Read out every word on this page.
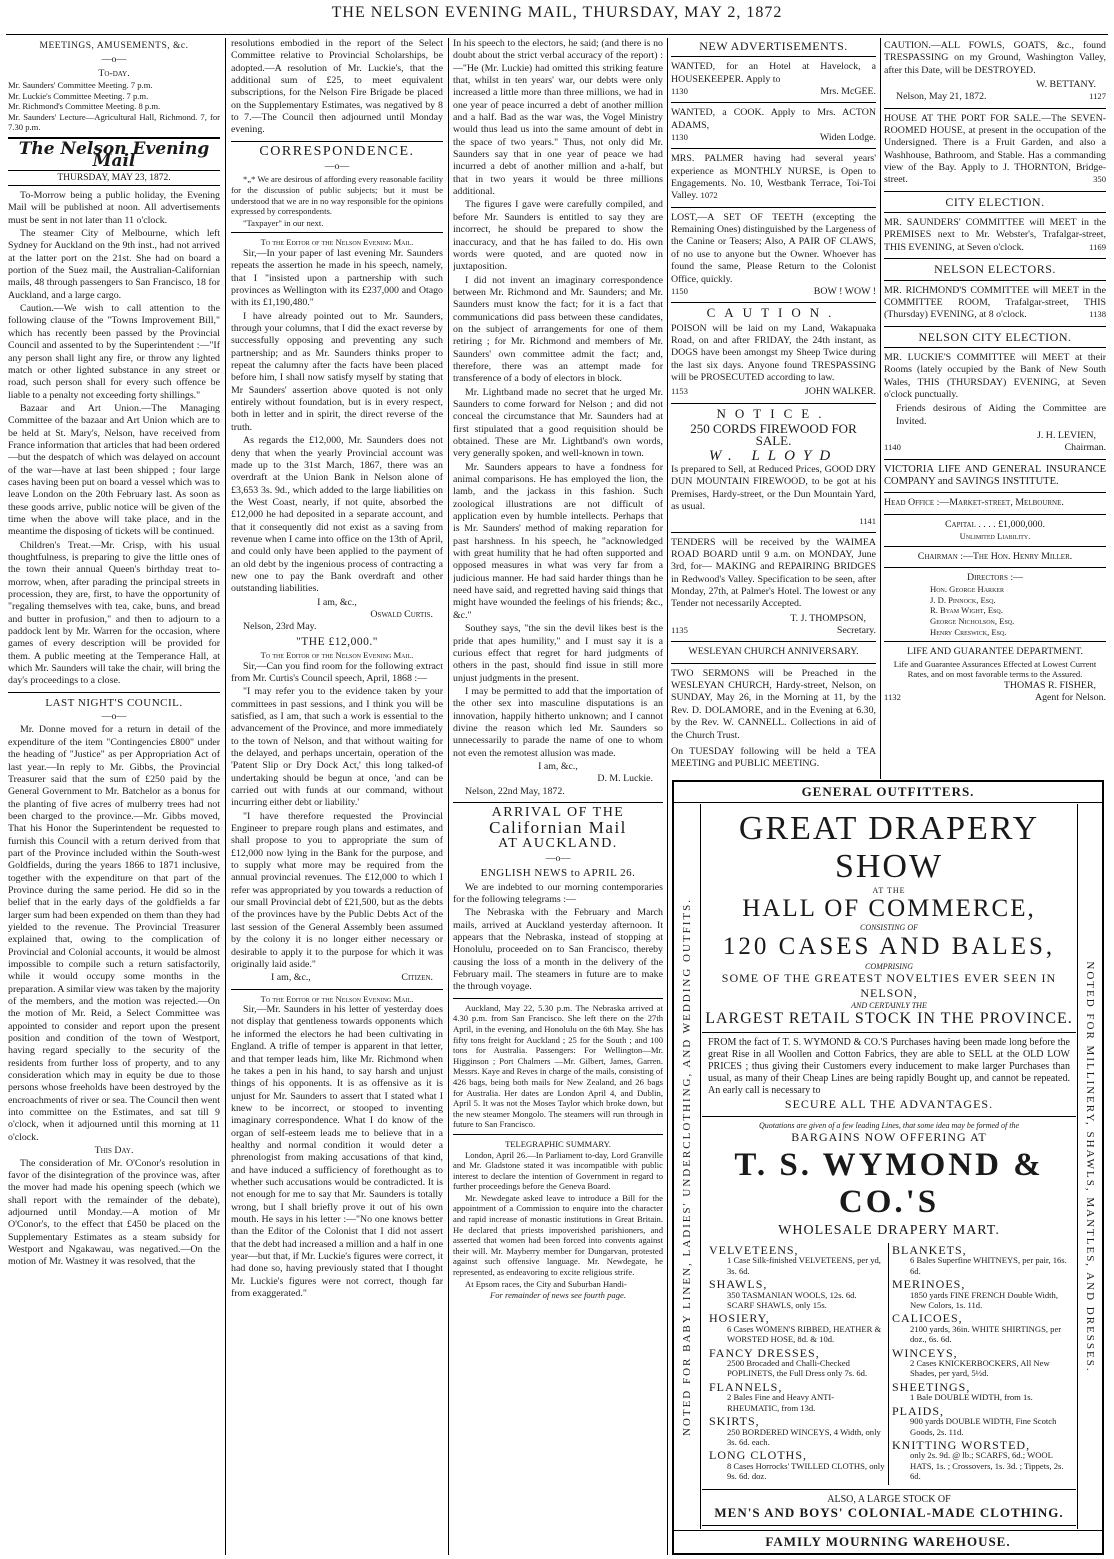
THE NELSON EVENING MAIL, THURSDAY, MAY 2, 1872
MEETINGS, AMUSEMENTS, &c.
—o—
To-day.
Mr. Saunders' Committee Meeting. 7 p.m.
Mr. Luckie's Committee Meeting. 7 p.m.
Mr. Richmond's Committee Meeting. 8 p.m.
Mr. Saunders' Lecture—Agricultural Hall, Richmond. 7, for 7.30 p.m.
The Nelson Evening Mail
THURSDAY, MAY 23, 1872.

To-Morrow being a public holiday, the Evening Mail will be published at noon. All advertisements must be sent in not later than 11 o'clock.

The steamer City of Melbourne, which left Sydney for Auckland on the 9th inst., had not arrived at the latter port on the 21st. She had on board a portion of the Suez mail, the Australian-Californian mails, 48 through passengers to San Francisco, 18 for Auckland, and a large cargo.

Caution.—We wish to call attention to the following clause of the "Towns Improvement Bill," which has recently been passed by the Provincial Council and assented to by the Superintendent :—"If any person shall light any fire, or throw any lighted match or other lighted substance in any street or road, such person shall for every such offence be liable to a penalty not exceeding forty shillings."

Bazaar and Art Union.—The Managing Committee of the bazaar and Art Union which are to be held at St. Mary's, Nelson, have received from France information that articles that had been ordered—but the despatch of which was delayed on account of the war—have at last been shipped ; four large cases having been put on board a vessel which was to leave London on the 20th February last. As soon as these goods arrive, public notice will be given of the time when the above will take place, and in the meantime the disposing of tickets will be continued.

Children's Treat.—Mr. Crisp, with his usual thoughtfulness, is preparing to give the little ones of the town their annual Queen's birthday treat to-morrow, when, after parading the principal streets in procession, they are, first, to have the opportunity of "regaling themselves with tea, cake, buns, and bread and butter in profusion," and then to adjourn to a paddock lent by Mr. Warren for the occasion, where games of every description will be provided for them. A public meeting at the Temperance Hall, at which Mr. Saunders will take the chair, will bring the day's proceedings to a close.

LAST NIGHT'S COUNCIL.
—o—

Mr. Donne moved for a return in detail of the expenditure of the item "Contingencies £800" under the heading of "Justice" as per Appropriation Act of last year.—In reply to Mr. Gibbs, the Provincial Treasurer said that the sum of £250 paid by the General Government to Mr. Batchelor as a bonus for the planting of five acres of mulberry trees had not been charged to the province.—Mr. Gibbs moved, That his Honor the Superintendent be requested to furnish this Council with a return derived from that part of the Province included within the South-west Goldfields, during the years 1866 to 1871 inclusive, together with the expenditure on that part of the Province during the same period. He did so in the belief that in the early days of the goldfields a far larger sum had been expended on them than they had yielded to the revenue. The Provincial Treasurer explained that, owing to the complication of Provincial and Colonial accounts, it would be almost impossible to compile such a return satisfactorily, while it would occupy some months in the preparation. A similar view was taken by the majority of the members, and the motion was rejected.—On the motion of Mr. Reid, a Select Committee was appointed to consider and report upon the present position and condition of the town of Westport, having regard specially to the security of the residents from further loss of property, and to any consideration which may in equity be due to those persons whose freeholds have been destroyed by the encroachments of river or sea. The Council then went into committee on the Estimates, and sat till 9 o'clock, when it adjourned until this morning at 11 o'clock.

This Day.

The consideration of Mr. O'Conor's resolution in favor of the disintegration of the province was, after the mover had made his opening speech (which we shall report with the remainder of the debate), adjourned until Monday.—A motion of Mr O'Conor's, to the effect that £450 be placed on the Supplementary Estimates as a steam subsidy for Westport and Ngakawau, was negatived.—On the motion of Mr. Wastney it was resolved, that the

resolutions embodied in the report of the Select Committee relative to Provincial Scholarships, be adopted.—A resolution of Mr. Luckie's, that the additional sum of £25, to meet equivalent subscriptions, for the Nelson Fire Brigade be placed on the Supplementary Estimates, was negatived by 8 to 7.—The Council then adjourned until Monday evening.

CORRESPONDENCE.
—o—

*„* We are desirous of affording every reasonable facility for the discussion of public subjects; but it must be understood that we are in no way responsible for the opinions expressed by correspondents.

"Taxpayer" in our next.

To the Editor of the Nelson Evening Mail.

Sir,—In your paper of last evening Mr. Saunders repeats the assertion he made in his speech, namely, that I "insisted upon a partnership with such provinces as Wellington with its £237,000 and Otago with its £1,190,480."

I have already pointed out to Mr. Saunders, through your columns, that I did the exact reverse by successfully opposing and preventing any such partnership; and as Mr. Saunders thinks proper to repeat the calumny after the facts have been placed before him, I shall now satisfy myself by stating that Mr Saunders' assertion above quoted is not only entirely without foundation, but is in every respect, both in letter and in spirit, the direct reverse of the truth.

As regards the £12,000, Mr. Saunders does not deny that when the yearly Provincial account was made up to the 31st March, 1867, there was an overdraft at the Union Bank in Nelson alone of £3,653 3s. 9d., which added to the large liabilities on the West Coast, nearly, if not quite, absorbed the £12,000 he had deposited in a separate account, and that it consequently did not exist as a saving from revenue when I came into office on the 13th of April, and could only have been applied to the payment of an old debt by the ingenious process of contracting a new one to pay the Bank overdraft and other outstanding liabilities.

I am, &c.,
Oswald Curtis.
Nelson, 23rd May.
"THE £12,000."
To the Editor of the Nelson Evening Mail.

Sir,—Can you find room for the following extract from Mr. Curtis's Council speech, April, 1868 :—

"I may refer you to the evidence taken by your committees in past sessions, and I think you will be satisfied, as I am, that such a work is essential to the advancement of the Province, and more immediately to the town of Nelson, and that without waiting for the delayed, and perhaps uncertain, operation of the 'Patent Slip or Dry Dock Act,' this long talked-of undertaking should be begun at once, 'and can be carried out with funds at our command, without incurring either debt or liability.'

"I have therefore requested the Provincial Engineer to prepare rough plans and estimates, and shall propose to you to appropriate the sum of £12,000 now lying in the Bank for the purpose, and to supply what more may be required from the annual provincial revenues. The £12,000 to which I refer was appropriated by you towards a reduction of our small Provincial debt of £21,500, but as the debts of the provinces have by the Public Debts Act of the last session of the General Assembly been assumed by the colony it is no longer either necessary or desirable to apply it to the purpose for which it was originally laid aside."

I am, &c.,	Citizen.
To the Editor of the Nelson Evening Mail.

Sir,—Mr. Saunders in his letter of yesterday does not display that gentleness towards opponents which he informed the electors he had been cultivating in England. A trifle of temper is apparent in that letter, and that temper leads him, like Mr. Richmond when he takes a pen in his hand, to say harsh and unjust things of his opponents. It is as offensive as it is unjust for Mr. Saunders to assert that I stated what I knew to be incorrect, or stooped to inventing imaginary correspondence. What I do know of the organ of self-esteem leads me to believe that in a healthy and normal condition it would deter a phrenologist from making accusations of that kind, and have induced a sufficiency of forethought as to whether such accusations would be contradicted. It is not enough for me to say that Mr. Saunders is totally wrong, but I shall briefly prove it out of his own mouth. He says in his letter :—"No one knows better than the Editor of the Colonist that I did not assert that the debt had increased a million and a half in one year—but that, if Mr. Luckie's figures were correct, it had done so, having previously stated that I thought Mr. Luckie's figures were not correct, though far from exaggerated."

In his speech to the electors, he said; (and there is no doubt about the strict verbal accuracy of the report) :—"He (Mr. Luckie) had omitted this striking feature that, whilst in ten years' war, our debts were only increased a little more than three millions, we had in one year of peace incurred a debt of another million and a half. Bad as the war was, the Vogel Ministry would thus lead us into the same amount of debt in the space of two years." Thus, not only did Mr. Saunders say that in one year of peace we had incurred a debt of another million and a-half, but that in two years it would be three millions additional.

The figures I gave were carefully compiled, and before Mr. Saunders is entitled to say they are incorrect, he should be prepared to show the inaccuracy, and that he has failed to do. His own words were quoted, and are quoted now in juxtaposition.

I did not invent an imaginary correspondence between Mr. Richmond and Mr. Saunders; and Mr. Saunders must know the fact; for it is a fact that communications did pass between these candidates, on the subject of arrangements for one of them retiring ; for Mr. Richmond and members of Mr. Saunders' own committee admit the fact; and, therefore, there was an attempt made for transference of a body of electors in block.

Mr. Lightband made no secret that he urged Mr. Saunders to come forward for Nelson ; and did not conceal the circumstance that Mr. Saunders had at first stipulated that a good requisition should be obtained. These are Mr. Lightband's own words, very generally spoken, and well-known in town.

Mr. Saunders appears to have a fondness for animal comparisons. He has employed the lion, the lamb, and the jackass in this fashion. Such zoological illustrations are not difficult of application even by humble intellects. Perhaps that is Mr. Saunders' method of making reparation for past harshness. In his speech, he "acknowledged with great humility that he had often supported and opposed measures in what was very far from a judicious manner. He had said harder things than he need have said, and regretted having said things that might have wounded the feelings of his friends; &c., &c."

Southey says, "the sin the devil likes best is the pride that apes humility," and I must say it is a curious effect that regret for hard judgments of others in the past, should find issue in still more unjust judgments in the present.

I may be permitted to add that the importation of the other sex into masculine disputations is an innovation, happily hitherto unknown; and I cannot divine the reason which led Mr. Saunders so unnecessarily to parade the name of one to whom not even the remotest allusion was made.

I am, &c.,
D. M. Luckie.
Nelson, 22nd May, 1872.
ARRIVAL OF THE
Californian Mail
AT AUCKLAND.
—o—
ENGLISH NEWS to APRIL 26.

We are indebted to our morning contemporaries for the following telegrams :—

The Nebraska with the February and March mails, arrived at Auckland yesterday afternoon. It appears that the Nebraska, instead of stopping at Honolulu, proceeded on to San Francisco, thereby causing the loss of a month in the delivery of the February mail. The steamers in future are to make the through voyage.

Auckland, May 22, 5.30 p.m. The Nebraska arrived at 4.30 p.m. from San Francisco. She left there on the 27th April, in the evening, and Honolulu on the 6th May. She has fifty tons freight for Auckland ; 25 for the South ; and 100 tons for Australia. Passengers: For Wellington—Mr. Higginson ; Port Chalmers —Mr. Gilbert, James, Garren. Messrs. Kaye and Reves in charge of the mails, consisting of 426 bags, being both mails for New Zealand, and 26 bags for Australia. Her dates are London April 4, and Dublin, April 5. It was not the Moses Taylor which broke down, but the new steamer Mongolo. The steamers will run through in future to San Francisco.

TELEGRAPHIC SUMMARY.

London, April 26.—In Parliament to-day, Lord Granville and Mr. Gladstone stated it was incompatible with public interest to declare the intention of Government in regard to further proceedings before the Geneva Board.

Mr. Newdegate asked leave to introduce a Bill for the appointment of a Commission to enquire into the character and rapid increase of monastic institutions in Great Britain. He declared that priests impoverished parishioners, and asserted that women had been forced into convents against their will. Mr. Mayberry member for Dungarvan, protested against such offensive language. Mr. Newdegate, he represented, as endeavoring to excite religious strife.

At Epsom races, the City and Suburban Handi-

For remainder of news see fourth page.
NEW ADVERTISEMENTS.
WANTED, for an Hotel at Havelock, a HOUSEKEEPER. Apply to
1130	Mrs. McGEE.
WANTED, a COOK. Apply to Mrs. ACTON ADAMS,
1130	Widen Lodge.
MRS. PALMER having had several years' experience as MONTHLY NURSE, is Open to Engagements. No. 10, Westbank Terrace, Toi-Toi Valley. 1072
LOST,—A SET OF TEETH (excepting the Remaining Ones) distinguished by the Largeness of the Canine or Teasers; Also, A PAIR OF CLAWS, of no use to anyone but the Owner. Whoever has found the same, Please Return to the Colonist Office, quickly.
1150	BOW ! WOW !
CAUTION.
POISON will be laid on my Land, Wakapuaka Road, on and after FRIDAY, the 24th instant, as DOGS have been amongst my Sheep Twice during the last six days. Anyone found TRESPASSING will be PROSECUTED according to law.
1153	JOHN WALKER.
NOTICE.
250 CORDS FIREWOOD FOR SALE.
W. LLOYD
Is prepared to Sell, at Reduced Prices, GOOD DRY DUN MOUNTAIN FIREWOOD, to be got at his Premises, Hardy-street, or the Dun Mountain Yard, as usual.
1141
TENDERS will be received by the WAIMEA ROAD BOARD until 9 a.m. on MONDAY, June 3rd, for— MAKING and REPAIRING BRIDGES in Redwood's Valley. Specification to be seen, after Monday, 27th, at Palmer's Hotel. The lowest or any Tender not necessarily Accepted.
T. J. THOMPSON,
1135	Secretary.
WESLEYAN CHURCH ANNIVERSARY.
TWO SERMONS will be Preached in the WESLEYAN CHURCH, Hardy-street, Nelson, on SUNDAY, May 26, in the Morning at 11, by the Rev. D. DOLAMORE, and in the Evening at 6.30, by the Rev. W. CANNELL. Collections in aid of the Church Trust.
On TUESDAY following will be held a TEA MEETING and PUBLIC MEETING.
CAUTION.—ALL FOWLS, GOATS, &c., found TRESPASSING on my Ground, Washington Valley, after this Date, will be DESTROYED.
W. BETTANY.
Nelson, May 21, 1872.	1127
HOUSE AT THE PORT FOR SALE.—The SEVEN-ROOMED HOUSE, at present in the occupation of the Undersigned. There is a Fruit Garden, and also a Washhouse, Bathroom, and Stable. Has a commanding view of the Bay. Apply to J. THORNTON, Bridge-street.	350
CITY ELECTION.
MR. SAUNDERS' COMMITTEE will MEET in the PREMISES next to Mr. Webster's, Trafalgar-street, THIS EVENING, at Seven o'clock.	1169
NELSON ELECTORS.
MR. RICHMOND'S COMMITTEE will MEET in the COMMITTEE ROOM, Trafalgar-street, THIS (Thursday) EVENING, at 8 o'clock.	1138
NELSON CITY ELECTION.
MR. LUCKIE'S COMMITTEE will MEET at their Rooms (lately occupied by the Bank of New South Wales, THIS (THURSDAY) EVENING, at Seven o'clock punctually.
Friends desirous of Aiding the Committee are Invited.
J. H. LEVIEN,
1140	Chairman.
VICTORIA LIFE AND GENERAL INSURANCE COMPANY and SAVINGS INSTITUTE.
Head Office :—Market-street, Melbourne.
Capital . . . . £1,000,000.
Unlimited Liability.
Chairman :—The Hon. Henry Miller.
Directors :—
Hon. George Harker
J. D. Pinnock, Esq.
R. Byam Wight, Esq.
George Nicholson, Esq.
Henry Creswick, Esq.
LIFE AND GUARANTEE DEPARTMENT.
Life and Guarantee Assurances Effected at Lowest Current Rates, and on most favorable terms to the Assured.
THOMAS R. FISHER,
1132	Agent for Nelson.
GENERAL OUTFITTERS.
NOTED FOR BABY LINEN, LADIES' UNDERCLOTHING, AND WEDDING OUTFITS.	NOTED FOR MILLINERY, SHAWLS, MANTLES, AND DRESSES.
GREAT DRAPERY SHOW
AT THE
HALL OF COMMERCE,
CONSISTING OF
120 CASES AND BALES,
COMPRISING
SOME OF THE GREATEST NOVELTIES EVER SEEN IN NELSON,
AND CERTAINLY THE
LARGEST RETAIL STOCK IN THE PROVINCE.
FROM the fact of T. S. WYMOND & CO.'S Purchases having been made long before the great Rise in all Woollen and Cotton Fabrics, they are able to SELL at the OLD LOW PRICES ; thus giving their Customers every inducement to make larger Purchases than usual, as many of their Cheap Lines are being rapidly Bought up, and cannot be repeated. An early call is necessary to
SECURE ALL THE ADVANTAGES.
Quotations are given of a few leading Lines, that some idea may be formed of the
BARGAINS NOW OFFERING AT
T. S. WYMOND & CO.'S
WHOLESALE DRAPERY MART.
VELVETEENS,
1 Case Silk-finished VELVETEENS, per yd, 3s. 6d.
SHAWLS,
350 TASMANIAN WOOLS, 12s. 6d. SCARF SHAWLS, only 15s.
HOSIERY,
6 Cases WOMEN'S RIBBED, HEATHER & WORSTED HOSE, 8d. & 10d.
FANCY DRESSES,
2500 Brocaded and Challi-Checked POPLINETS, the Full Dress only 7s. 6d.
FLANNELS,
2 Bales Fine and Heavy ANTI-RHEUMATIC, from 13d.
SKIRTS,
250 BORDERED WINCEYS, 4 Width, only 3s. 6d. each.
LONG CLOTHS,
8 Cases Horrocks' TWILLED CLOTHS, only 9s. 6d. doz.
BLANKETS,
6 Bales Superfine WHITNEYS, per pair, 16s. 6d.
MERINOES,
1850 yards FINE FRENCH Double Width, New Colors, 1s. 11d.
CALICOES,
2100 yards, 36in. WHITE SHIRTINGS, per doz., 6s. 6d.
WINCEYS,
2 Cases KNICKERBOCKERS, All New Shades, per yard, 5½d.
SHEETINGS,
1 Bale DOUBLE WIDTH, from 1s.
PLAIDS,
900 yards DOUBLE WIDTH, Fine Scotch Goods, 2s. 11d.
KNITTING WORSTED,
only 2s. 9d. @ lb.; SCARFS, 6d.; WOOL HATS, 1s. ; Crossovers, 1s. 3d. ; Tippets, 2s. 6d.
ALSO, A LARGE STOCK OF
MEN'S AND BOYS' COLONIAL-MADE CLOTHING.
FAMILY MOURNING WAREHOUSE.
